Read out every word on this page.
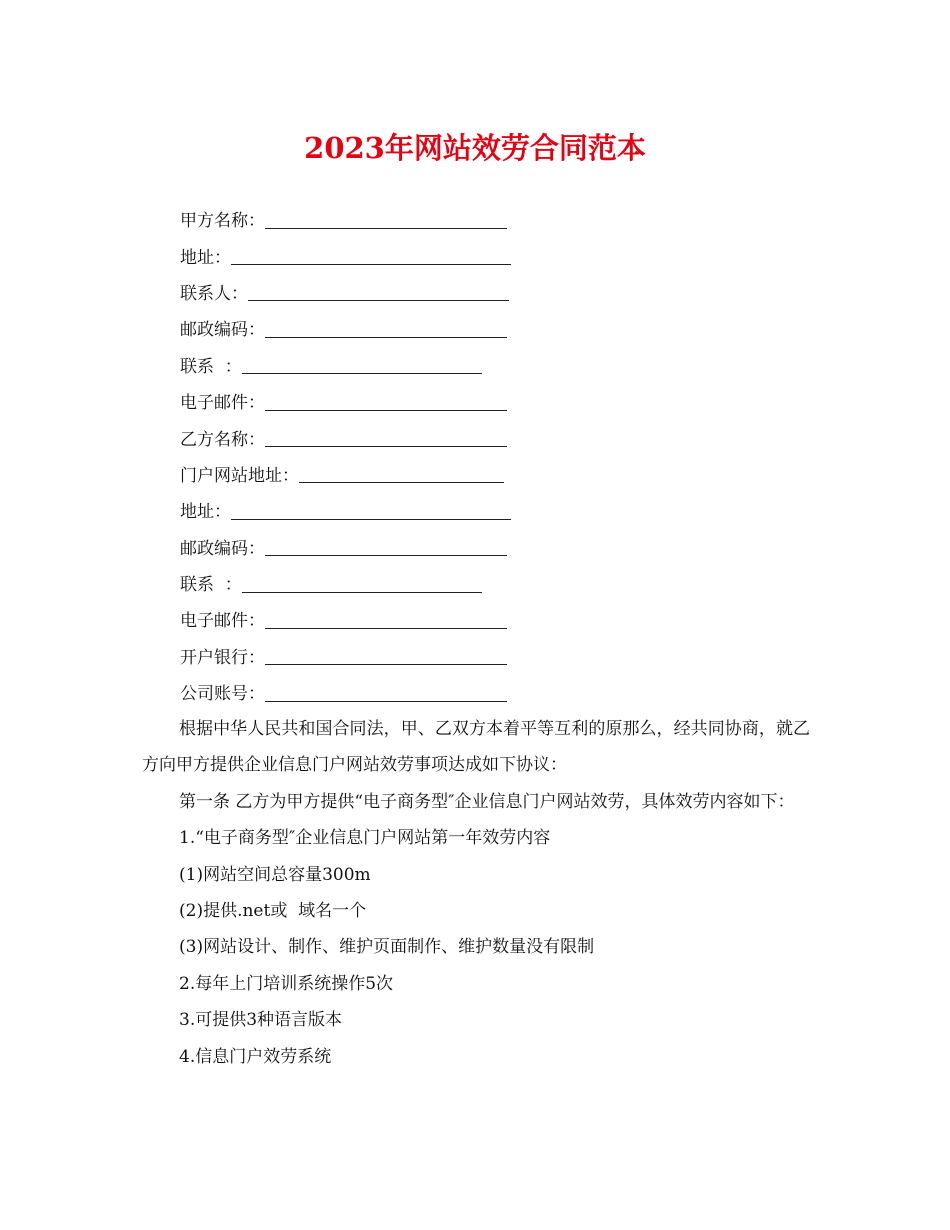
2023年网站效劳合同范本
甲方名称：
地址：
联系人：
邮政编码：
联系  ：
电子邮件：
乙方名称：
门户网站地址：
地址：
邮政编码：
联系  ：
电子邮件：
开户银行：
公司账号：

根据中华人民共和国合同法，甲、乙双方本着平等互利的原那么，经共同协商，就乙方向甲方提供企业信息门户网站效劳事项达成如下协议：

第一条 乙方为甲方提供“电子商务型″企业信息门户网站效劳，具体效劳内容如下：

1.“电子商务型″企业信息门户网站第一年效劳内容

(1)网站空间总容量300m

(2)提供.net或  域名一个

(3)网站设计、制作、维护页面制作、维护数量没有限制

2.每年上门培训系统操作5次

3.可提供3种语言版本

4.信息门户效劳系统
